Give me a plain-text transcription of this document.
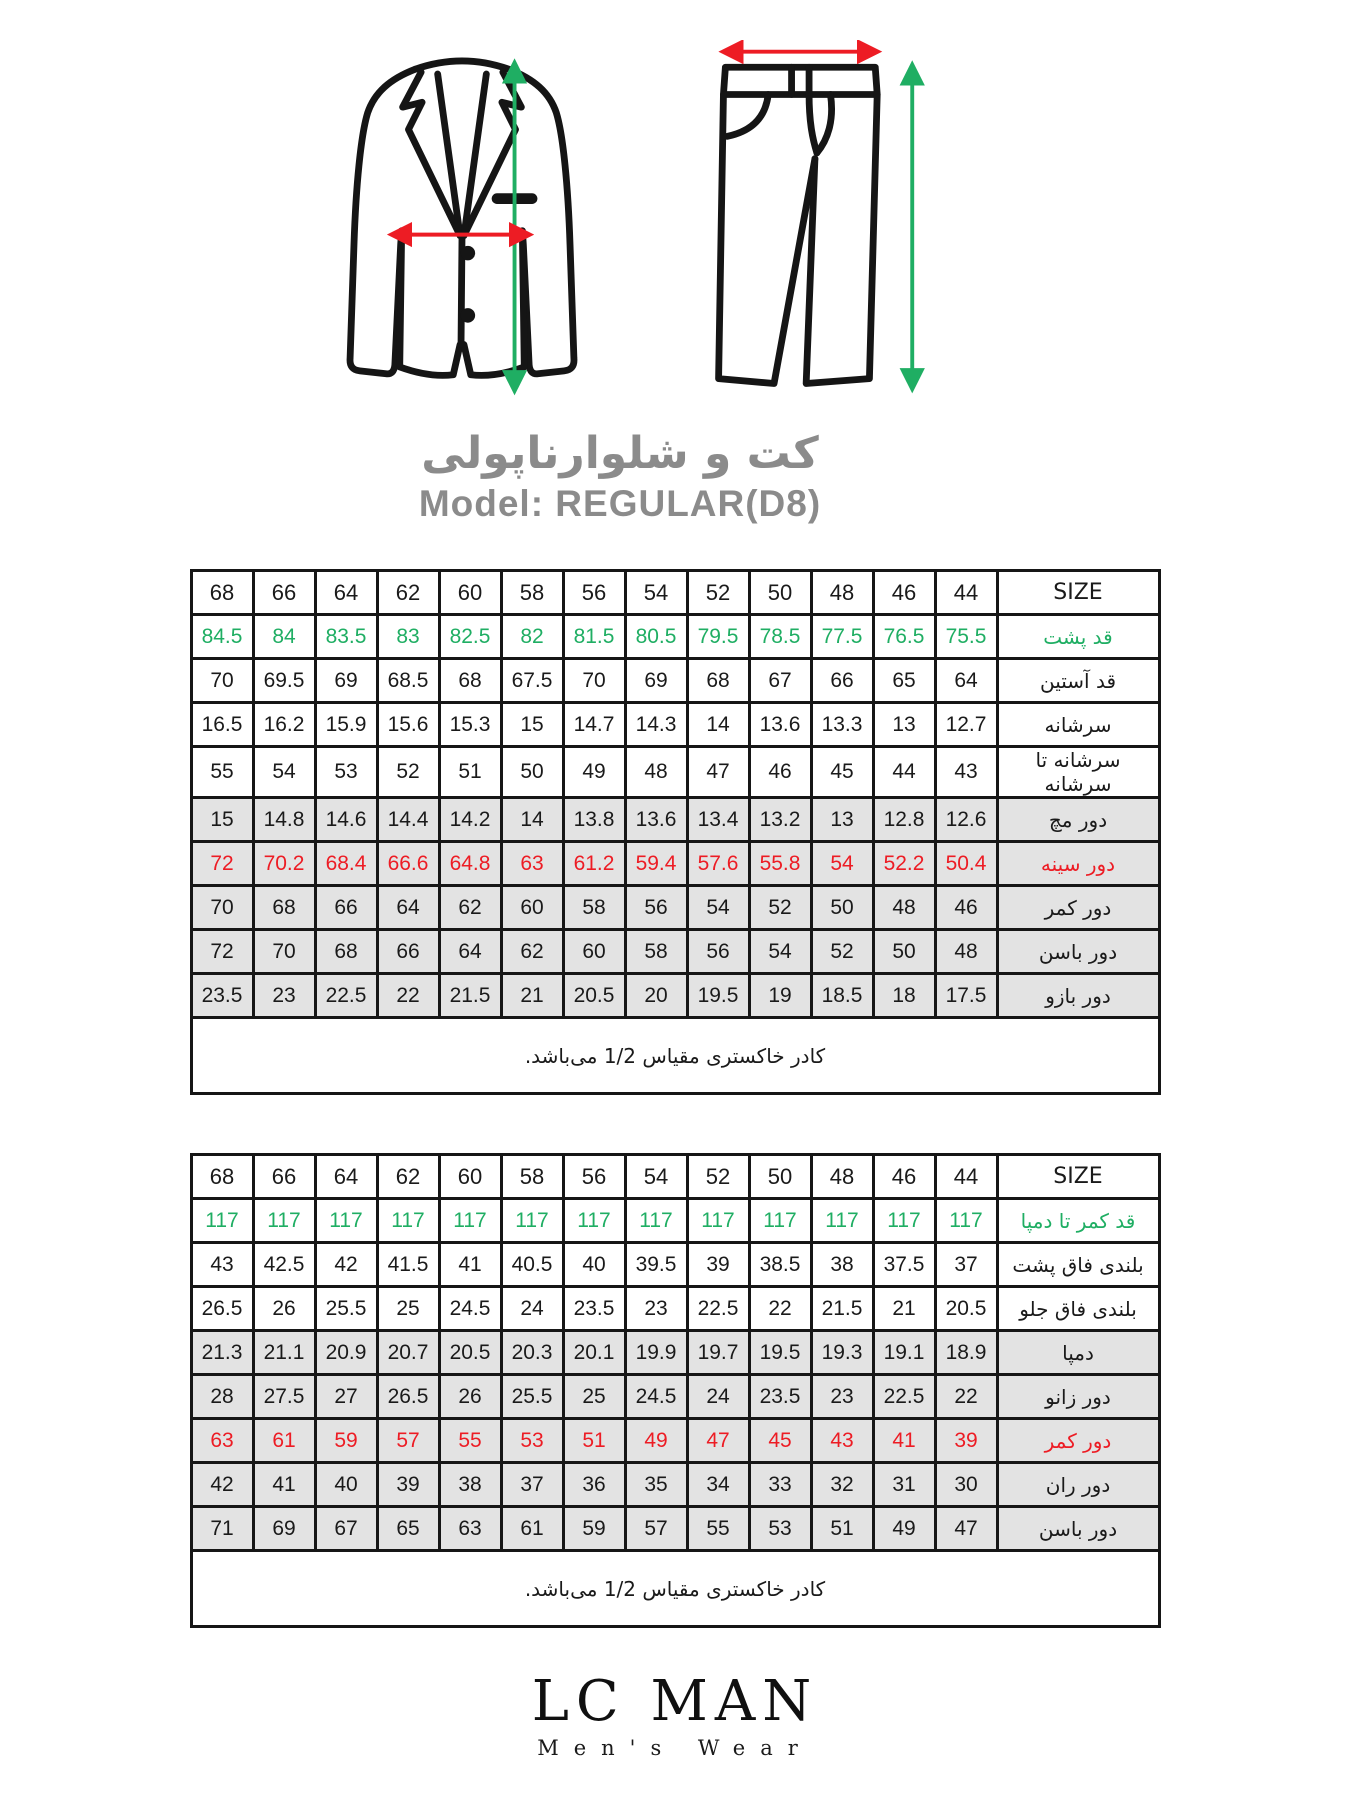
کت و شلوارناپولی
Model: REGULAR(D8)
68	66	64	62	60	58	56	54	52	50	48	46	44	SIZE
84.5	84	83.5	83	82.5	82	81.5	80.5	79.5	78.5	77.5	76.5	75.5	قد پشت
70	69.5	69	68.5	68	67.5	70	69	68	67	66	65	64	قد آستین
16.5	16.2	15.9	15.6	15.3	15	14.7	14.3	14	13.6	13.3	13	12.7	سرشانه
55	54	53	52	51	50	49	48	47	46	45	44	43	سرشانه تا سرشانه
15	14.8	14.6	14.4	14.2	14	13.8	13.6	13.4	13.2	13	12.8	12.6	دور مچ
72	70.2	68.4	66.6	64.8	63	61.2	59.4	57.6	55.8	54	52.2	50.4	دور سینه
70	68	66	64	62	60	58	56	54	52	50	48	46	دور کمر
72	70	68	66	64	62	60	58	56	54	52	50	48	دور باسن
23.5	23	22.5	22	21.5	21	20.5	20	19.5	19	18.5	18	17.5	دور بازو
کادر خاکستری مقیاس 1/2 می‌باشد.													
68	66	64	62	60	58	56	54	52	50	48	46	44	SIZE
117	117	117	117	117	117	117	117	117	117	117	117	117	قد کمر تا دمپا
43	42.5	42	41.5	41	40.5	40	39.5	39	38.5	38	37.5	37	بلندی فاق پشت
26.5	26	25.5	25	24.5	24	23.5	23	22.5	22	21.5	21	20.5	بلندی فاق جلو
21.3	21.1	20.9	20.7	20.5	20.3	20.1	19.9	19.7	19.5	19.3	19.1	18.9	دمپا
28	27.5	27	26.5	26	25.5	25	24.5	24	23.5	23	22.5	22	دور زانو
63	61	59	57	55	53	51	49	47	45	43	41	39	دور کمر
42	41	40	39	38	37	36	35	34	33	32	31	30	دور ران
71	69	67	65	63	61	59	57	55	53	51	49	47	دور باسن
کادر خاکستری مقیاس 1/2 می‌باشد.													
LC MAN
Men's Wear
